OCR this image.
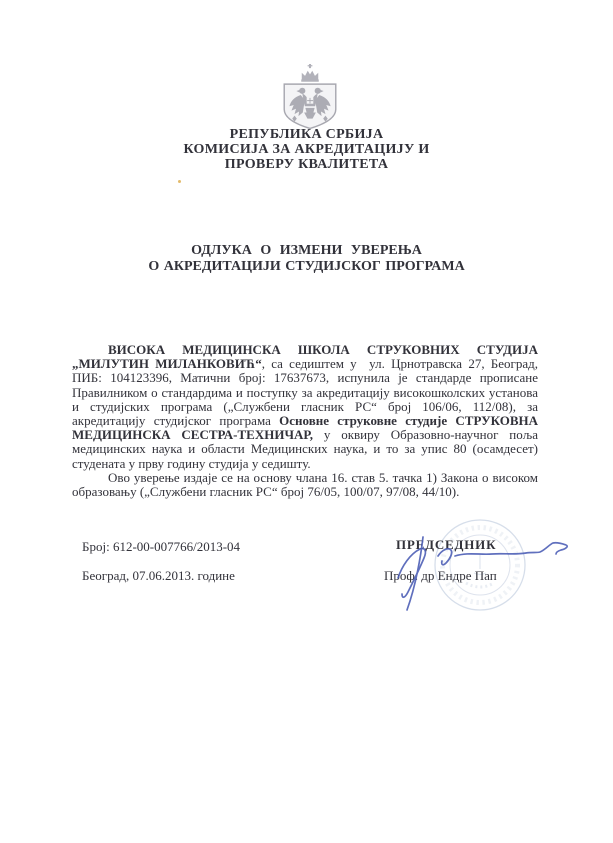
РЕПУБЛИКА СРБИЈА
КОМИСИЈА ЗА АКРЕДИТАЦИЈУ И
ПРОВЕРУ КВАЛИТЕТА
ОДЛУКА О ИЗМЕНИ УВЕРЕЊА
О АКРЕДИТАЦИЈИ СТУДИЈСКОГ ПРОГРАМА

ВИСОКА МЕДИЦИНСКА ШКОЛА СТРУКОВНИХ СТУДИЈА „МИЛУТИН МИЛАНКОВИЋ“, са седиштем у  ул. Црнотравска 27, Београд, ПИБ: 104123396, Матични број: 17637673, испунила је стандарде прописане Правилником о стандардима и поступку за акредитацију високошколских установа и студијских програма („Службени гласник РС“ број 106/06, 112/08), за акредитацију студијског програма Основне струковне студије СТРУКОВНА МЕДИЦИНСКА СЕСТРА-ТЕХНИЧАР, у оквиру Образовно-научног поља медицинских наука и области Медицинских наука, и то за упис 80 (осамдесет) студената у прву годину студија у седишту.

Ово уверење издаје се на основу члана 16. став 5. тачка 1) Закона о високом образовању („Службени гласник РС“ број 76/05, 100/07, 97/08, 44/10).

Број: 612-00-007766/2013-04
Београд, 07.06.2013. године
ПРЕДСЕДНИК
Проф. др Ендре Пап
